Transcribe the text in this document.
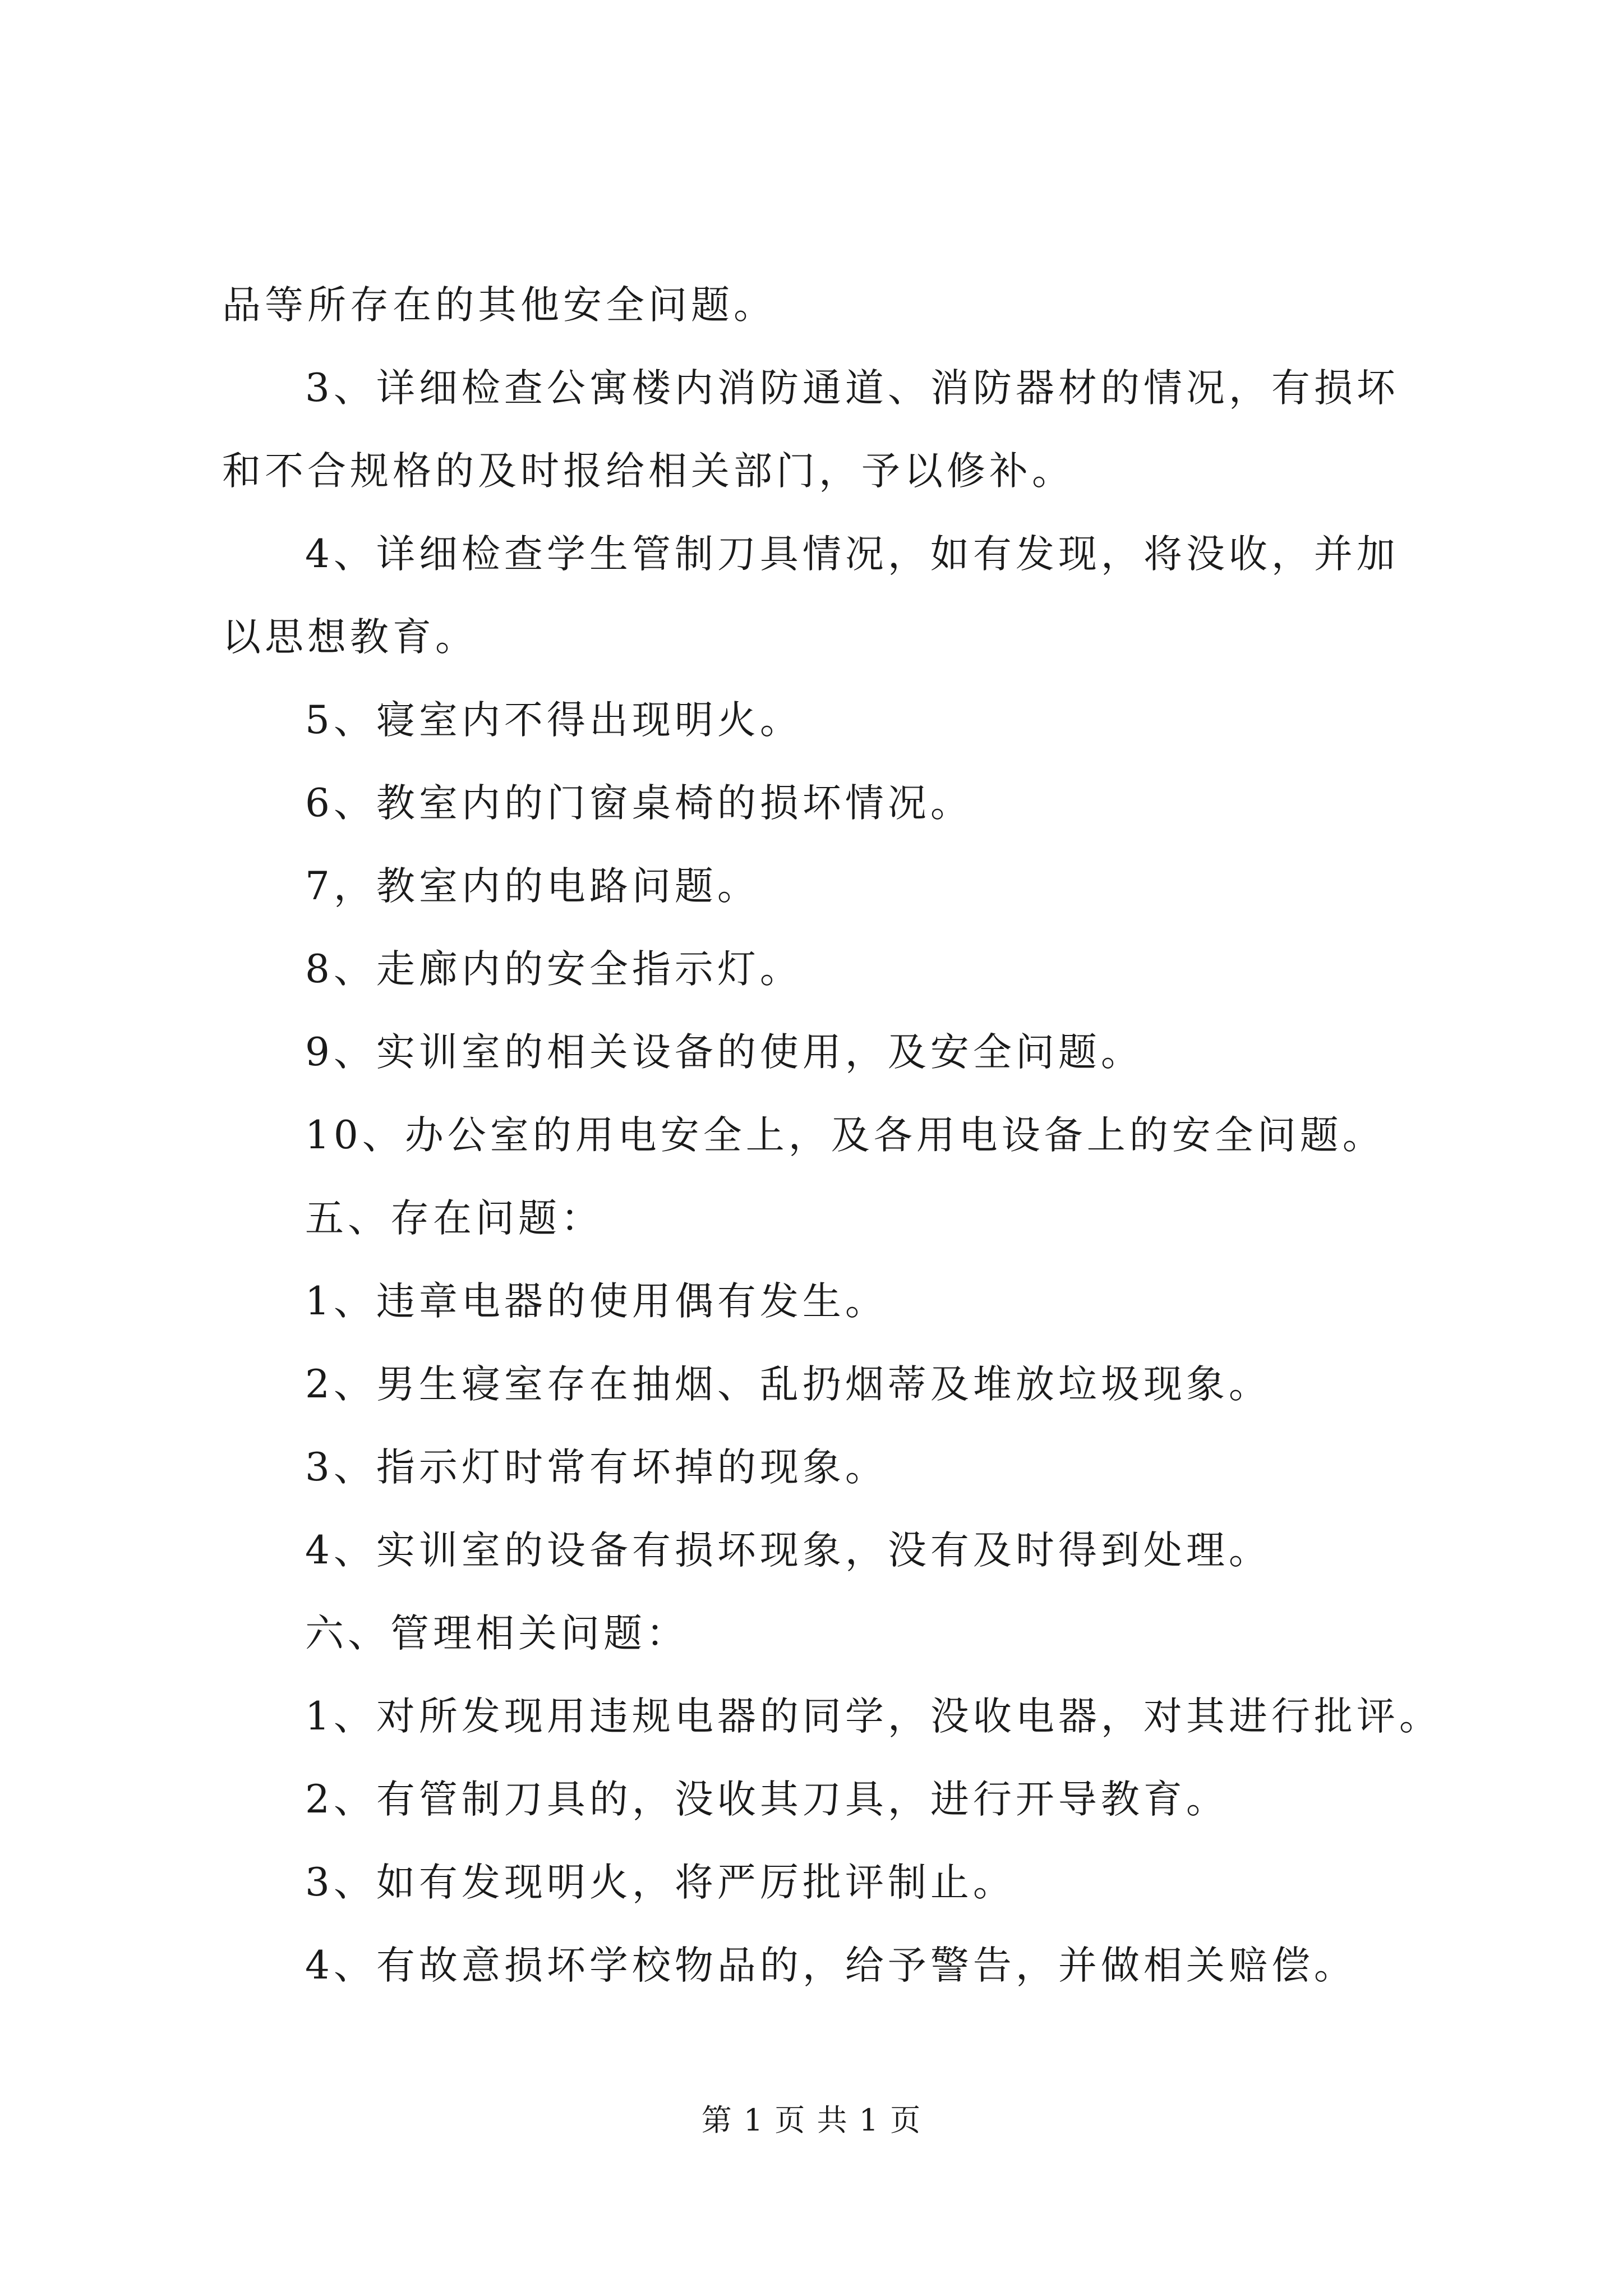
品等所存在的其他安全问题。

3、详细检查公寓楼内消防通道、消防器材的情况，有损坏和不合规格的及时报给相关部门，予以修补。

4、详细检查学生管制刀具情况，如有发现，将没收，并加以思想教育。

5、寝室内不得出现明火。

6、教室内的门窗桌椅的损坏情况。

7，教室内的电路问题。

8、走廊内的安全指示灯。

9、实训室的相关设备的使用，及安全问题。

10、办公室的用电安全上，及各用电设备上的安全问题。

五、存在问题：

1、违章电器的使用偶有发生。

2、男生寝室存在抽烟、乱扔烟蒂及堆放垃圾现象。

3、指示灯时常有坏掉的现象。

4、实训室的设备有损坏现象，没有及时得到处理。

六、管理相关问题：

1、对所发现用违规电器的同学，没收电器，对其进行批评。

2、有管制刀具的，没收其刀具，进行开导教育。

3、如有发现明火，将严厉批评制止。

4、有故意损坏学校物品的，给予警告，并做相关赔偿。

第 1 页 共 1 页
